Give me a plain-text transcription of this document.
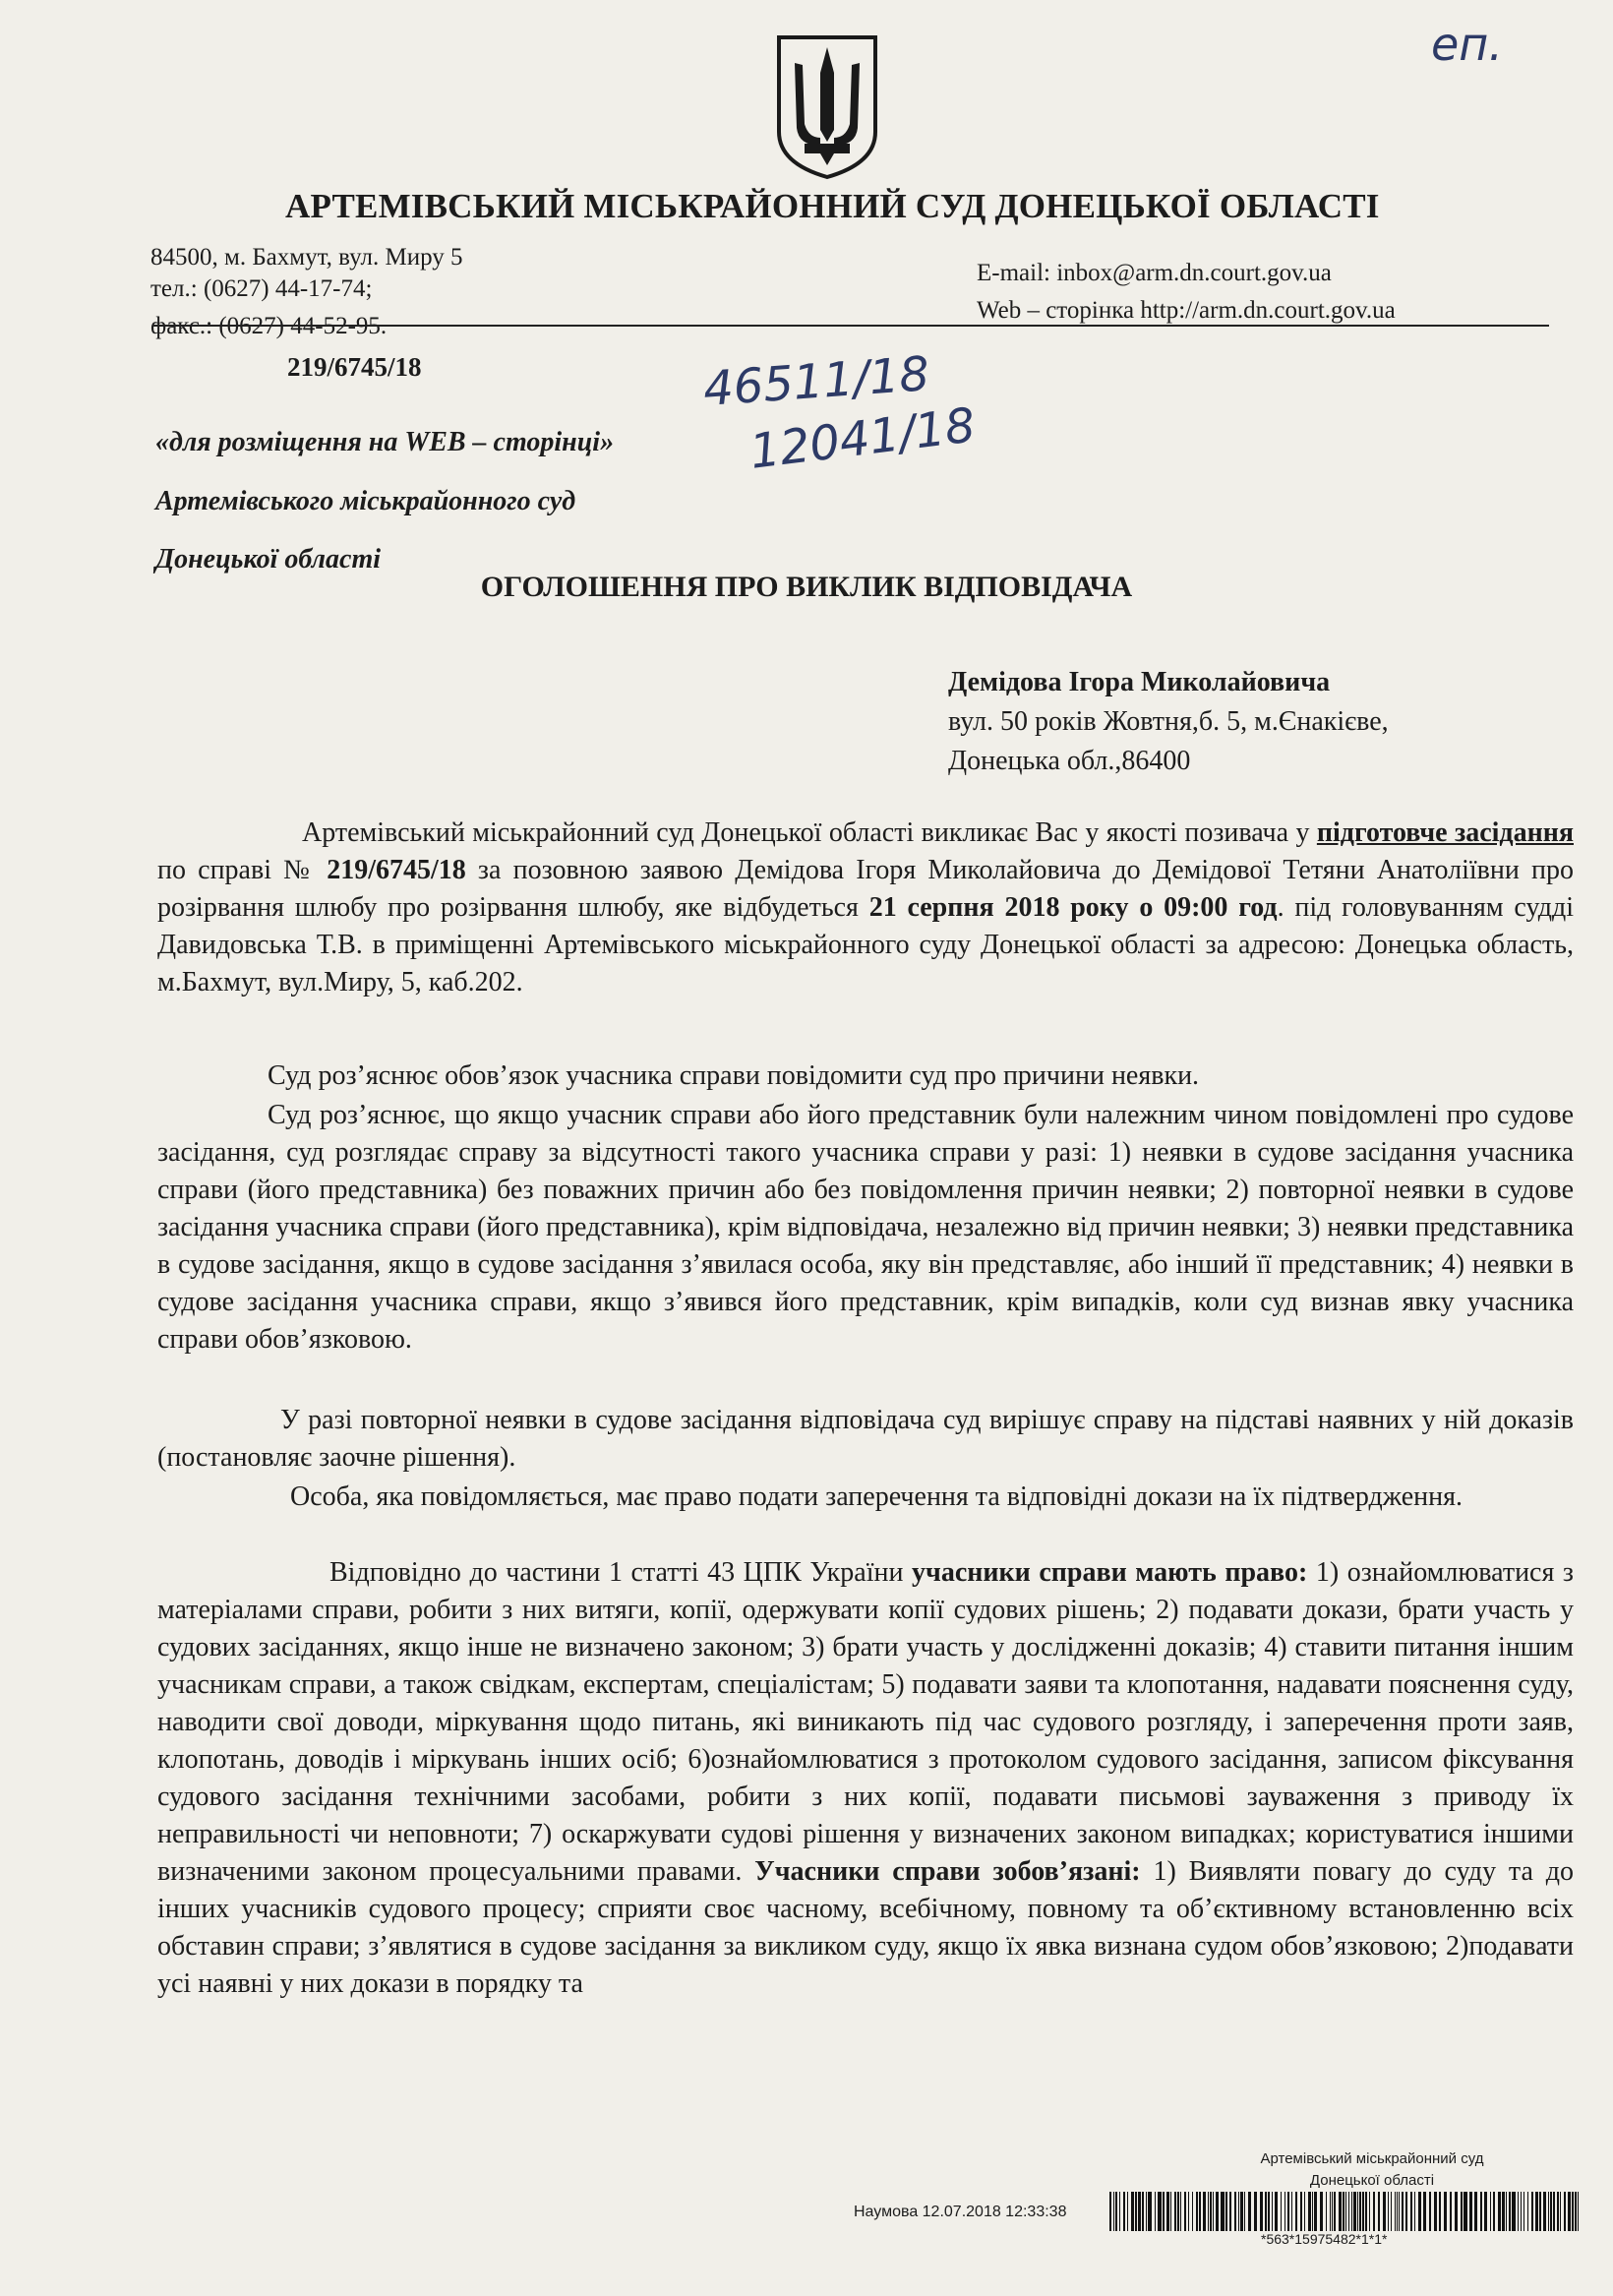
еп.
АРТЕМІВСЬКИЙ МІСЬКРАЙОННИЙ СУД ДОНЕЦЬКОЇ ОБЛАСТІ
84500, м. Бахмут, вул. Миру 5
тел.: (0627) 44-17-74;
факс.: (0627) 44-52-95.
E-mail: inbox@arm.dn.court.gov.ua
Web – сторінка http://arm.dn.court.gov.ua
219/6745/18	46511/18
12041/18
«для розміщення на WEB – сторінці»
Артемівського міськрайонного суд
Донецької області
ОГОЛОШЕННЯ ПРО ВИКЛИК ВІДПОВІДАЧА
Демідова Ігора Миколайовича
вул. 50 років Жовтня,б. 5, м.Єнакієве,
Донецька обл.,86400

Артемівський міськрайонний суд Донецької області викликає Вас у якості позивача у підготовче засідання по справі № 219/6745/18 за позовною заявою Демідова Ігоря Миколайовича до Демідової Тетяни Анатоліївни про розірвання шлюбу про розірвання шлюбу, яке відбудеться 21 серпня 2018 року о 09:00 год. під головуванням судді Давидовська Т.В. в приміщенні Артемівського міськрайонного суду Донецької області за адресою: Донецька область, м.Бахмут, вул.Миру, 5, каб.202.

Суд роз’яснює обов’язок учасника справи повідомити суд про причини неявки.

Суд роз’яснює, що якщо учасник справи або його представник були належним чином повідомлені про судове засідання, суд розглядає справу за відсутності такого учасника справи у разі: 1) неявки в судове засідання учасника справи (його представника) без поважних причин або без повідомлення причин неявки; 2) повторної неявки в судове засідання учасника справи (його представника), крім відповідача, незалежно від причин неявки; 3) неявки представника в судове засідання, якщо в судове засідання з’явилася особа, яку він представляє, або інший її представник; 4) неявки в судове засідання учасника справи, якщо з’явився його представник, крім випадків, коли суд визнав явку учасника справи обов’язковою.

У разі повторної неявки в судове засідання відповідача суд вирішує справу на підставі наявних у ній доказів (постановляє заочне рішення).

Особа, яка повідомляється, має право подати заперечення та відповідні докази на їх підтвердження.

Відповідно до частини 1 статті 43 ЦПК України учасники справи мають право: 1) ознайомлюватися з матеріалами справи, робити з них витяги, копії, одержувати копії судових рішень; 2) подавати докази, брати участь у судових засіданнях, якщо інше не визначено законом; 3) брати участь у дослідженні доказів; 4) ставити питання іншим учасникам справи, а також свідкам, експертам, спеціалістам; 5) подавати заяви та клопотання, надавати пояснення суду, наводити свої доводи, міркування щодо питань, які виникають під час судового розгляду, і заперечення проти заяв, клопотань, доводів і міркувань інших осіб; 6)ознайомлюватися з протоколом судового засідання, записом фіксування судового засідання технічними засобами, робити з них копії, подавати письмові зауваження з приводу їх неправильності чи неповноти; 7) оскаржувати судові рішення у визначених законом випадках; користуватися іншими визначеними законом процесуальними правами. Учасники справи зобов’язані: 1) Виявляти повагу до суду та до інших учасників судового процесу; сприяти своє часному, всебічному, повному та об’єктивному встановленню всіх обставин справи; з’являтися в судове засідання за викликом суду, якщо їх явка визнана судом обов’язковою; 2)подавати усі наявні у них докази в порядку та

Артемівський міськрайонний суд
Донецької області
Наумова 12.07.2018 12:33:38
*563*15975482*1*1*
